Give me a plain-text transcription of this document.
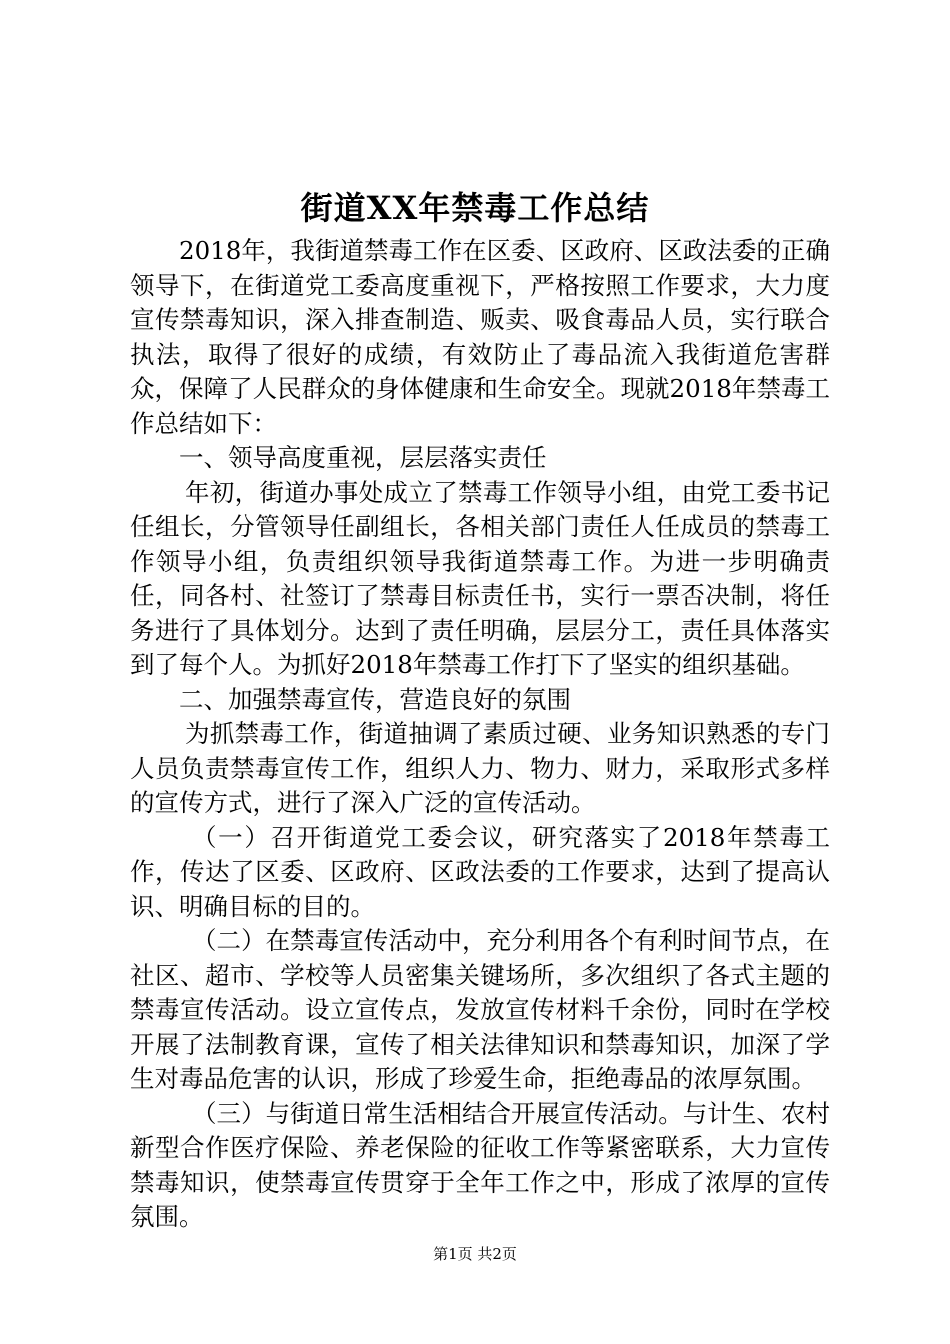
街道XX年禁毒工作总结

2018年，我街道禁毒工作在区委、区政府、区政法委的正确领导下，在街道党工委高度重视下，严格按照工作要求，大力度宣传禁毒知识，深入排查制造、贩卖、吸食毒品人员，实行联合执法，取得了很好的成绩，有效防止了毒品流入我街道危害群众，保障了人民群众的身体健康和生命安全。现就2018年禁毒工作总结如下：

一、领导高度重视，层层落实责任

年初，街道办事处成立了禁毒工作领导小组，由党工委书记任组长，分管领导任副组长，各相关部门责任人任成员的禁毒工作领导小组，负责组织领导我街道禁毒工作。为进一步明确责任，同各村、社签订了禁毒目标责任书，实行一票否决制，将任务进行了具体划分。达到了责任明确，层层分工，责任具体落实到了每个人。为抓好2018年禁毒工作打下了坚实的组织基础。

二、加强禁毒宣传，营造良好的氛围

为抓禁毒工作，街道抽调了素质过硬、业务知识熟悉的专门人员负责禁毒宣传工作，组织人力、物力、财力，采取形式多样的宣传方式，进行了深入广泛的宣传活动。

（一）召开街道党工委会议，研究落实了2018年禁毒工作，传达了区委、区政府、区政法委的工作要求，达到了提高认识、明确目标的目的。

（二）在禁毒宣传活动中，充分利用各个有利时间节点，在社区、超市、学校等人员密集关键场所，多次组织了各式主题的禁毒宣传活动。设立宣传点，发放宣传材料千余份，同时在学校开展了法制教育课，宣传了相关法律知识和禁毒知识，加深了学生对毒品危害的认识，形成了珍爱生命，拒绝毒品的浓厚氛围。

（三）与街道日常生活相结合开展宣传活动。与计生、农村新型合作医疗保险、养老保险的征收工作等紧密联系，大力宣传禁毒知识，使禁毒宣传贯穿于全年工作之中，形成了浓厚的宣传氛围。

第1页 共2页
